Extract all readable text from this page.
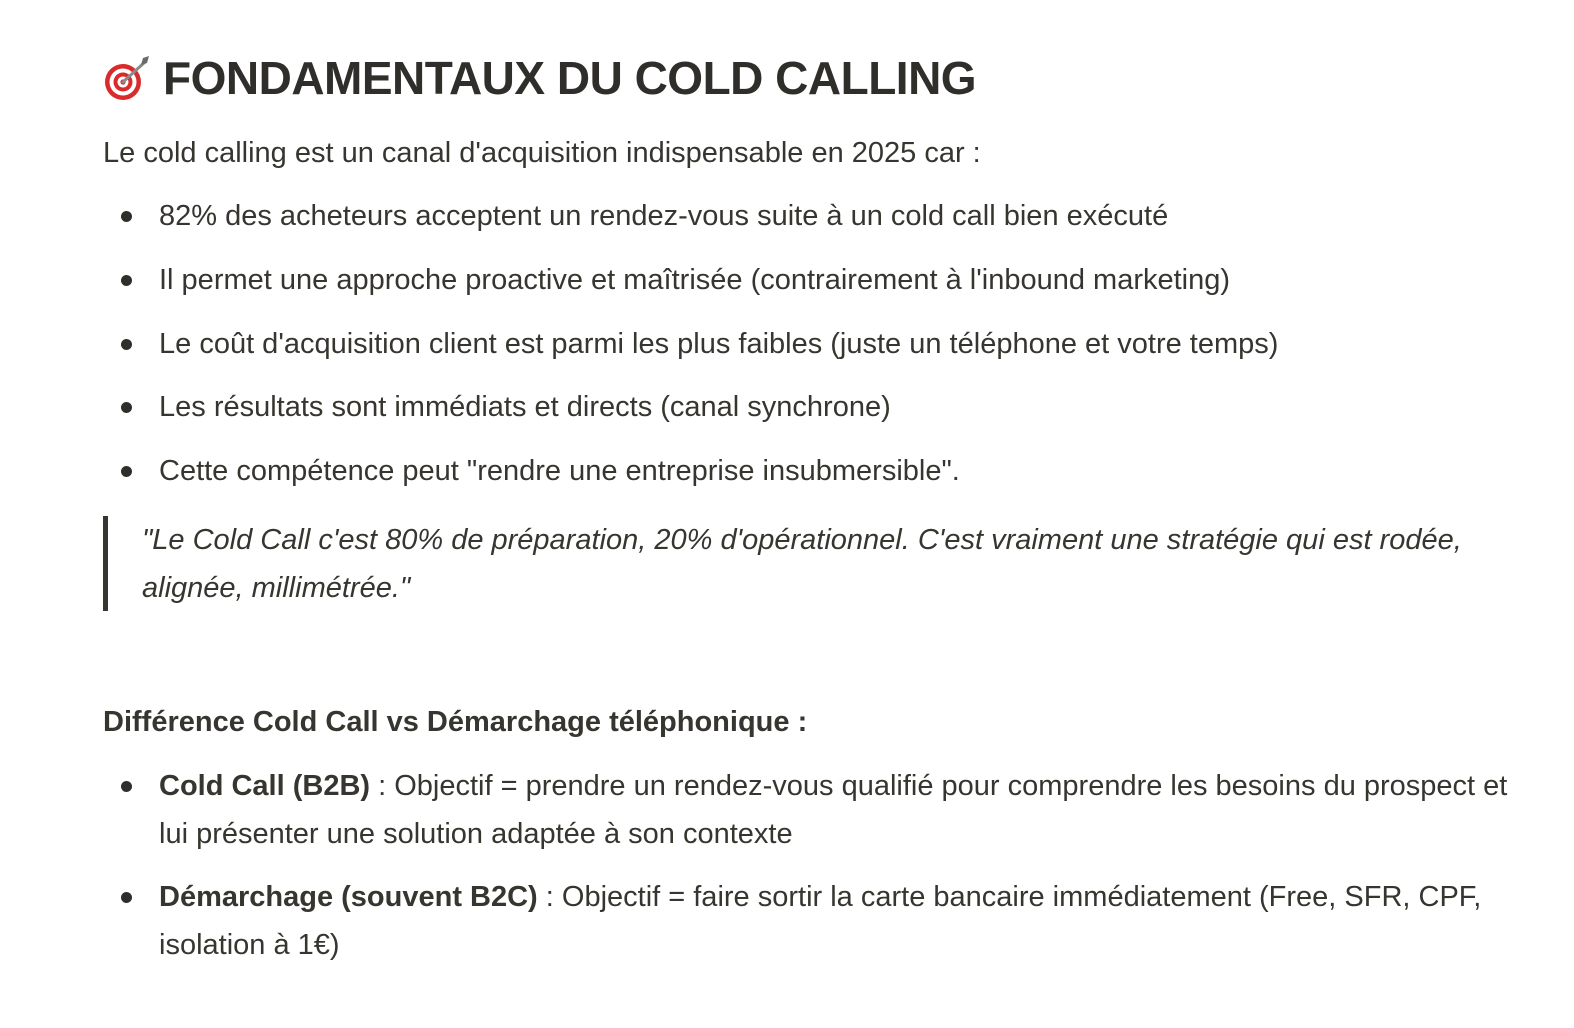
FONDAMENTAUX DU COLD CALLING

Le cold calling est un canal d'acquisition indispensable en 2025 car :

82% des acheteurs acceptent un rendez-vous suite à un cold call bien exécuté
Il permet une approche proactive et maîtrisée (contrairement à l'inbound marketing)
Le coût d'acquisition client est parmi les plus faibles (juste un téléphone et votre temps)
Les résultats sont immédiats et directs (canal synchrone)
Cette compétence peut "rendre une entreprise insubmersible".
"Le Cold Call c'est 80% de préparation, 20% d'opérationnel. C'est vraiment une stratégie qui est rodée, alignée, millimétrée."

Différence Cold Call vs Démarchage téléphonique :

Cold Call (B2B) : Objectif = prendre un rendez-vous qualifié pour comprendre les besoins du prospect et lui présenter une solution adaptée à son contexte
Démarchage (souvent B2C) : Objectif = faire sortir la carte bancaire immédiatement (Free, SFR, CPF, isolation à 1€)
